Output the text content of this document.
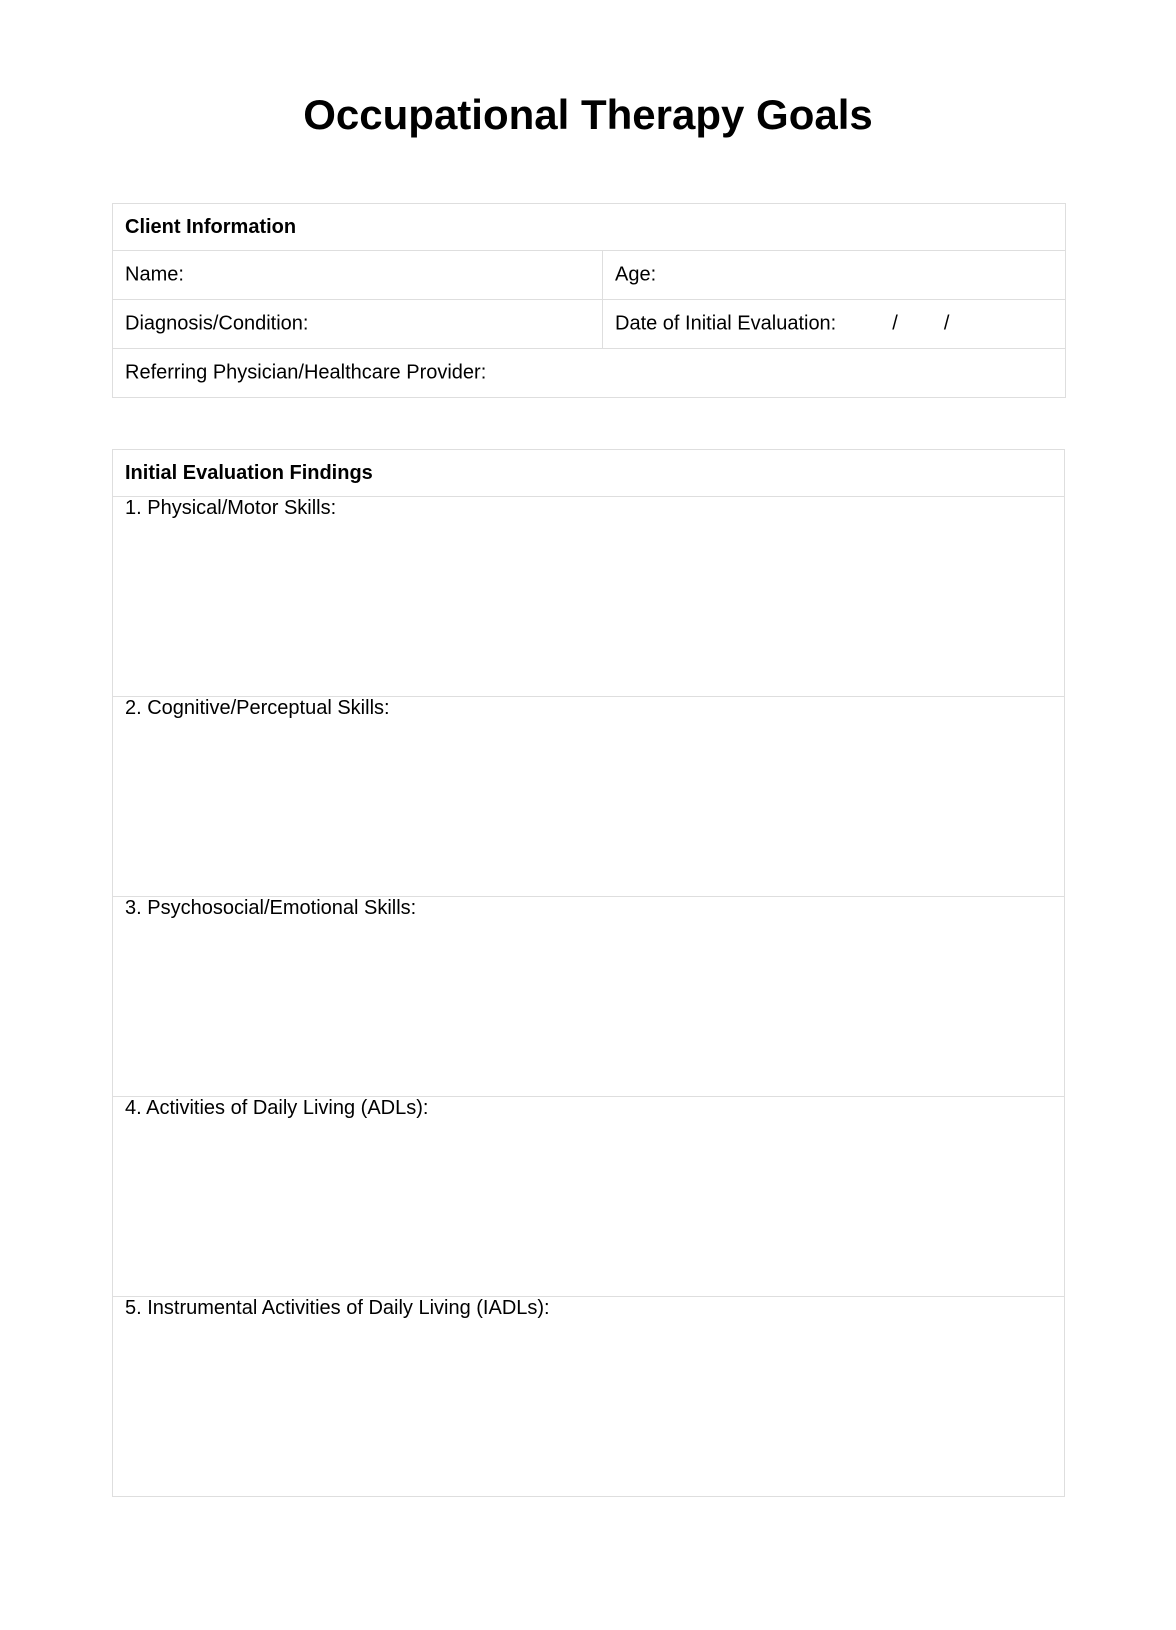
Occupational Therapy Goals
Client Information	
Name:	Age:
Diagnosis/Condition:	Date of Initial Evaluation: / /
Referring Physician/Healthcare Provider:	
Initial Evaluation Findings

1. Physical/Motor Skills:

2. Cognitive/Perceptual Skills:

3. Psychosocial/Emotional Skills:

4. Activities of Daily Living (ADLs):

5. Instrumental Activities of Daily Living (IADLs):
